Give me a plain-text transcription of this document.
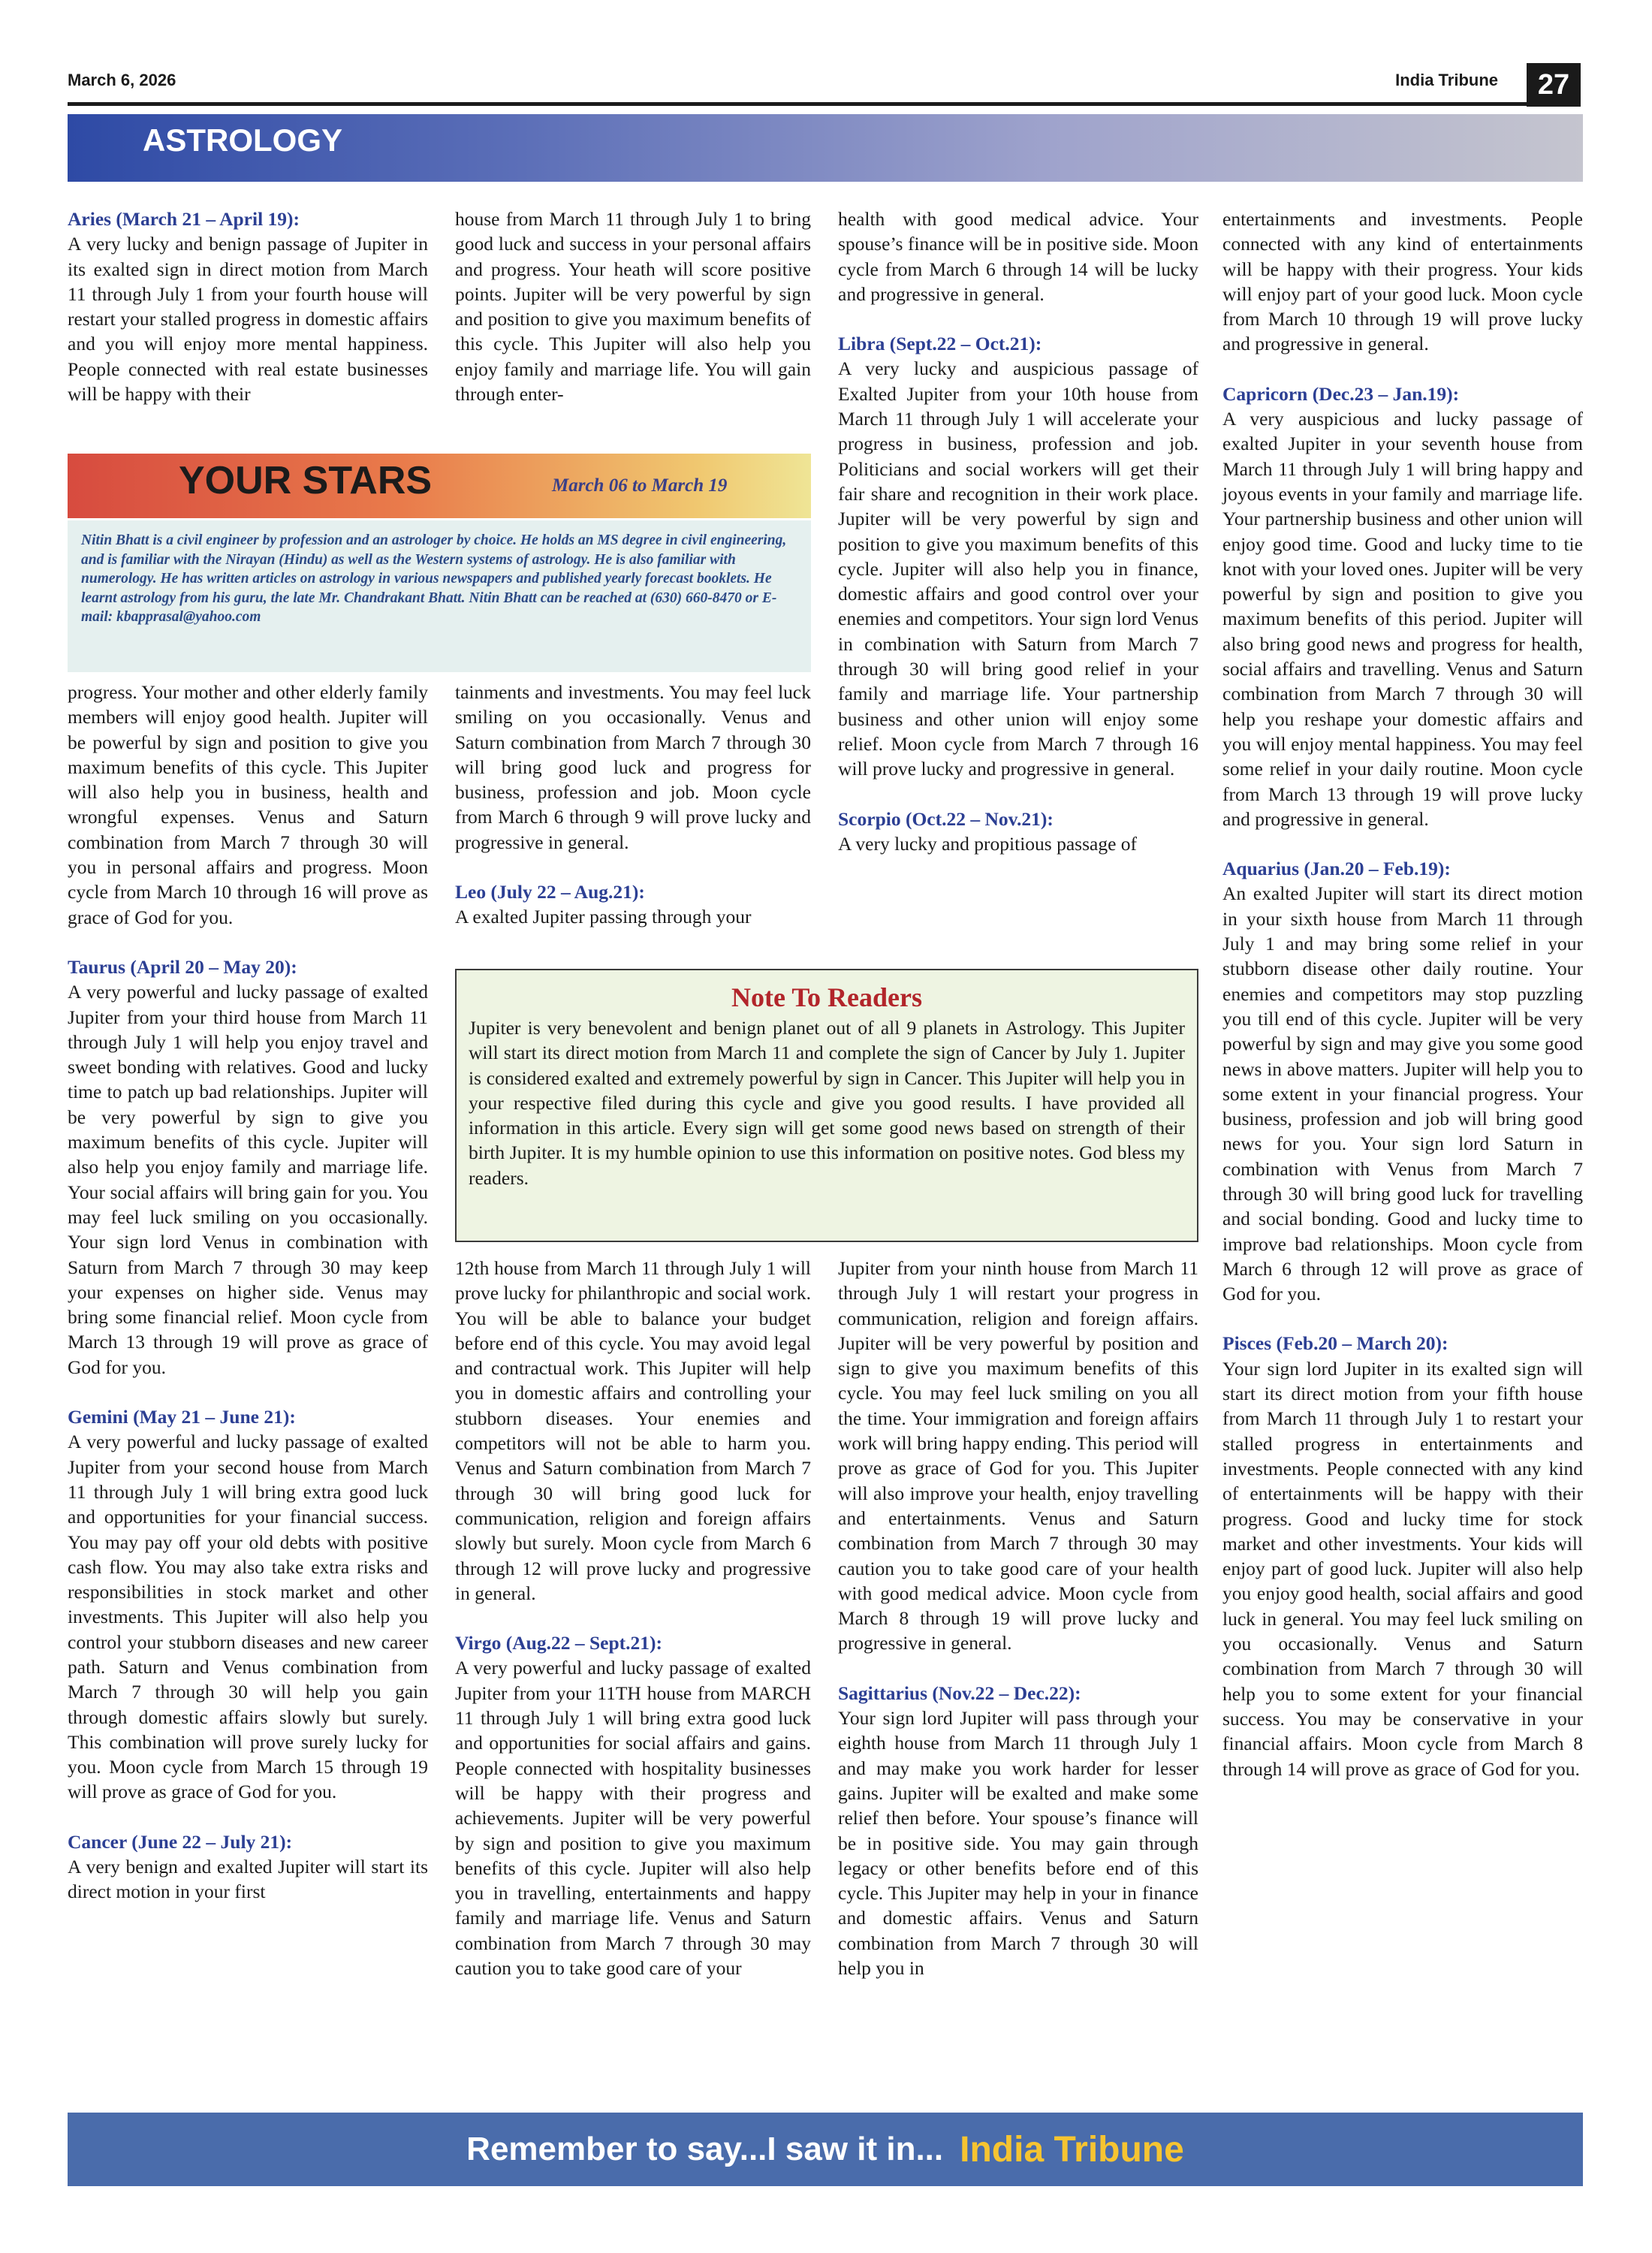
March 6, 2026	India Tribune	27
ASTROLOGY
Aries (March 21 – April 19):

A very lucky and benign passage of Jupiter in its exalted sign in direct motion from March 11 through July 1 from your fourth house will restart your stalled progress in domestic affairs and you will enjoy more mental happiness. People connected with real estate businesses will be happy with their

house from March 11 through July 1 to bring good luck and success in your personal affairs and progress. Your heath will score positive points. Jupiter will be very powerful by sign and position to give you maximum benefits of this cycle. This Jupiter will also help you enjoy family and marriage life. You will gain through enter-

YOUR STARS	March 06 to March 19
Nitin Bhatt is a civil engineer by profession and an astrologer by choice. He holds an MS degree in civil engineering, and is familiar with the Nirayan (Hindu) as well as the Western systems of astrology. He is also familiar with numerology. He has written articles on astrology in various newspapers and published yearly forecast booklets. He learnt astrology from his guru, the late Mr. Chandrakant Bhatt. Nitin Bhatt can be reached at (630) 660-8470 or E-mail: kbapprasal@yahoo.com

progress. Your mother and other elderly family members will enjoy good health. Jupiter will be powerful by sign and position to give you maximum benefits of this cycle. This Jupiter will also help you in business, health and wrongful expenses. Venus and Saturn combination from March 7 through 30 will you in personal affairs and progress. Moon cycle from March 10 through 16 will prove as grace of God for you.

Taurus (April 20 – May 20):

A very powerful and lucky passage of exalted Jupiter from your third house from March 11 through July 1 will help you enjoy travel and sweet bonding with relatives. Good and lucky time to patch up bad relationships. Jupiter will be very powerful by sign to give you maximum benefits of this cycle. Jupiter will also help you enjoy family and marriage life. Your social affairs will bring gain for you. You may feel luck smiling on you occasionally. Your sign lord Venus in combination with Saturn from March 7 through 30 may keep your expenses on higher side. Venus may bring some financial relief. Moon cycle from March 13 through 19 will prove as grace of God for you.

Gemini (May 21 – June 21):

A very powerful and lucky passage of exalted Jupiter from your second house from March 11 through July 1 will bring extra good luck and opportunities for your financial success. You may pay off your old debts with positive cash flow. You may also take extra risks and responsibilities in stock market and other investments. This Jupiter will also help you control your stubborn diseases and new career path. Saturn and Venus combination from March 7 through 30 will help you gain through domestic affairs slowly but surely. This combination will prove surely lucky for you. Moon cycle from March 15 through 19 will prove as grace of God for you.

Cancer (June 22 – July 21):

A very benign and exalted Jupiter will start its direct motion in your first

tainments and investments. You may feel luck smiling on you occasionally. Venus and Saturn combination from March 7 through 30 will bring good luck and progress for business, profession and job. Moon cycle from March 6 through 9 will prove lucky and progressive in general.

Leo (July 22 – Aug.21):

A exalted Jupiter passing through your

health with good medical advice. Your spouse’s finance will be in positive side. Moon cycle from March 6 through 14 will be lucky and progressive in general.

Libra (Sept.22 – Oct.21):

A very lucky and auspicious passage of Exalted Jupiter from your 10th house from March 11 through July 1 will accelerate your progress in business, profession and job. Politicians and social workers will get their fair share and recognition in their work place. Jupiter will be very powerful by sign and position to give you maximum benefits of this cycle. Jupiter will also help you in finance, domestic affairs and good control over your enemies and competitors. Your sign lord Venus in combination with Saturn from March 7 through 30 will bring good relief in your family and marriage life. Your partnership business and other union will enjoy some relief. Moon cycle from March 7 through 16 will prove lucky and progressive in general.

Scorpio (Oct.22 – Nov.21):

A very lucky and propitious passage of

Note To Readers
Jupiter is very benevolent and benign planet out of all 9 planets in Astrology. This Jupiter will start its direct motion from March 11 and complete the sign of Cancer by July 1. Jupiter is considered exalted and extremely powerful by sign in Cancer. This Jupiter will help you in your respective filed during this cycle and give you good results. I have provided all information in this article. Every sign will get some good news based on strength of their birth Jupiter. It is my humble opinion to use this information on positive notes. God bless my readers.

12th house from March 11 through July 1 will prove lucky for philanthropic and social work. You will be able to balance your budget before end of this cycle. You may avoid legal and contractual work. This Jupiter will help you in domestic affairs and controlling your stubborn diseases. Your enemies and competitors will not be able to harm you. Venus and Saturn combination from March 7 through 30 will bring good luck for communication, religion and foreign affairs slowly but surely. Moon cycle from March 6 through 12 will prove lucky and progressive in general.

Virgo (Aug.22 – Sept.21):

A very powerful and lucky passage of exalted Jupiter from your 11TH house from MARCH 11 through July 1 will bring extra good luck and opportunities for social affairs and gains. People connected with hospitality businesses will be happy with their progress and achievements. Jupiter will be very powerful by sign and position to give you maximum benefits of this cycle. Jupiter will also help you in travelling, entertainments and happy family and marriage life. Venus and Saturn combination from March 7 through 30 may caution you to take good care of your

Jupiter from your ninth house from March 11 through July 1 will restart your progress in communication, religion and foreign affairs. Jupiter will be very powerful by position and sign to give you maximum benefits of this cycle. You may feel luck smiling on you all the time. Your immigration and foreign affairs work will bring happy ending. This period will prove as grace of God for you. This Jupiter will also improve your health, enjoy travelling and entertainments. Venus and Saturn combination from March 7 through 30 may caution you to take good care of your health with good medical advice. Moon cycle from March 8 through 19 will prove lucky and progressive in general.

Sagittarius (Nov.22 – Dec.22):

Your sign lord Jupiter will pass through your eighth house from March 11 through July 1 and may make you work harder for lesser gains. Jupiter will be exalted and make some relief then before. Your spouse’s finance will be in positive side. You may gain through legacy or other benefits before end of this cycle. This Jupiter may help in your in finance and domestic affairs. Venus and Saturn combination from March 7 through 30 will help you in

entertainments and investments. People connected with any kind of entertainments will be happy with their progress. Your kids will enjoy part of your good luck. Moon cycle from March 10 through 19 will prove lucky and progressive in general.

Capricorn (Dec.23 – Jan.19):

A very auspicious and lucky passage of exalted Jupiter in your seventh house from March 11 through July 1 will bring happy and joyous events in your family and marriage life. Your partnership business and other union will enjoy good time. Good and lucky time to tie knot with your loved ones. Jupiter will be very powerful by sign and position to give you maximum benefits of this period. Jupiter will also bring good news and progress for health, social affairs and travelling. Venus and Saturn combination from March 7 through 30 will help you reshape your domestic affairs and you will enjoy mental happiness. You may feel some relief in your daily routine. Moon cycle from March 13 through 19 will prove lucky and progressive in general.

Aquarius (Jan.20 – Feb.19):

An exalted Jupiter will start its direct motion in your sixth house from March 11 through July 1 and may bring some relief in your stubborn disease other daily routine. Your enemies and competitors may stop puzzling you till end of this cycle. Jupiter will be very powerful by sign and may give you some good news in above matters. Jupiter will help you to some extent in your financial progress. Your business, profession and job will bring good news for you. Your sign lord Saturn in combination with Venus from March 7 through 30 will bring good luck for travelling and social bonding. Good and lucky time to improve bad relationships. Moon cycle from March 6 through 12 will prove as grace of God for you.

Pisces (Feb.20 – March 20):

Your sign lord Jupiter in its exalted sign will start its direct motion from your fifth house from March 11 through July 1 to restart your stalled progress in entertainments and investments. People connected with any kind of entertainments will be happy with their progress. Good and lucky time for stock market and other investments. Your kids will enjoy part of good luck. Jupiter will also help you enjoy good health, social affairs and good luck in general. You may feel luck smiling on you occasionally. Venus and Saturn combination from March 7 through 30 will help you to some extent for your financial success. You may be conservative in your financial affairs. Moon cycle from March 8 through 14 will prove as grace of God for you.

Remember to say...I saw it in... India Tribune
